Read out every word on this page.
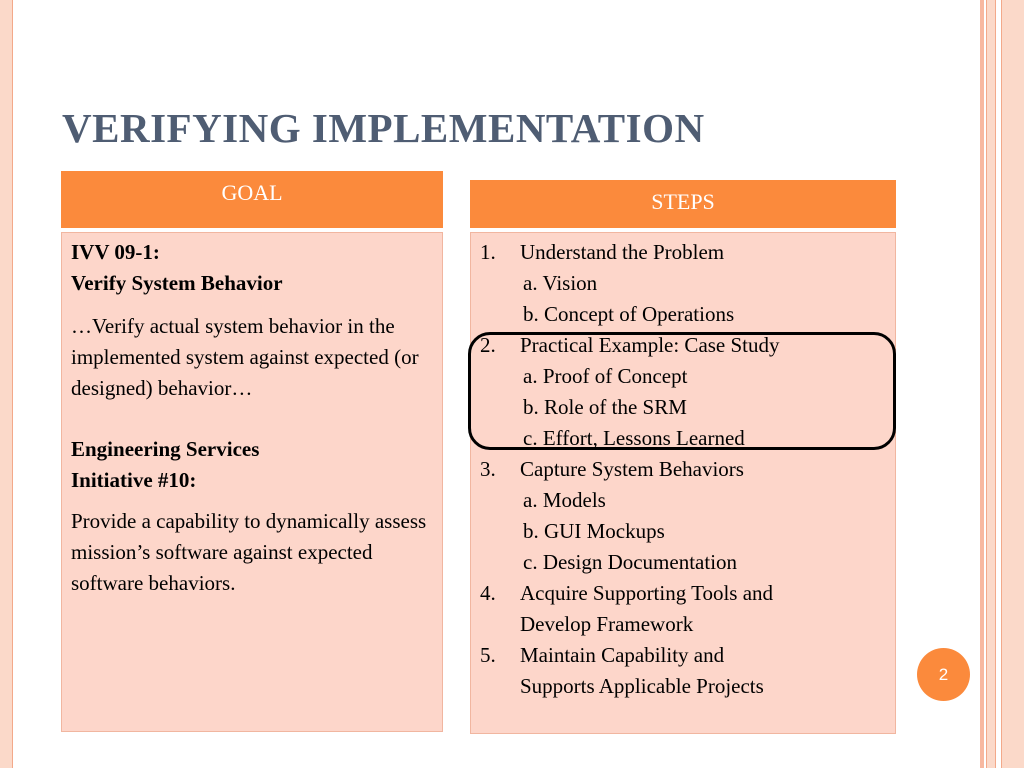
VERIFYING IMPLEMENTATION
GOAL

IVV 09-1:

Verify System Behavior

…Verify actual system behavior in the implemented system against expected (or designed) behavior…

Engineering Services

Initiative #10:

Provide a capability to dynamically assess mission’s software against expected software behaviors.

STEPS
1.	Understand the Problem
a. Vision
b. Concept of Operations
2.	Practical Example: Case Study
a. Proof of Concept
b. Role of the SRM
c. Effort, Lessons Learned
3.	Capture System Behaviors
a. Models
b. GUI Mockups
c. Design Documentation
4.	Acquire Supporting Tools and
Develop Framework
5.	Maintain Capability and
Supports Applicable Projects	2
